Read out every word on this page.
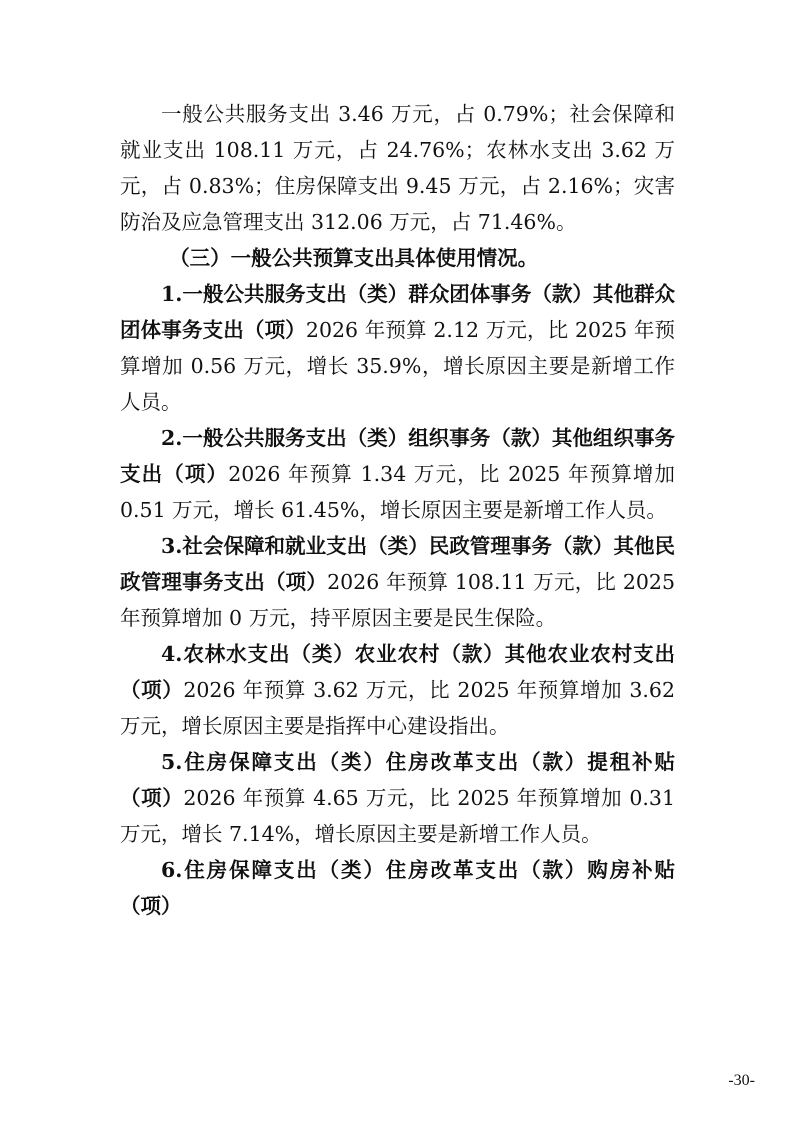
一般公共服务支出 3.46 万元，占 0.79%；社会保障和就业支出 108.11 万元，占 24.76%；农林水支出 3.62 万元，占 0.83%；住房保障支出 9.45 万元，占 2.16%；灾害防治及应急管理支出 312.06 万元，占 71.46%。

（三）一般公共预算支出具体使用情况。

1.一般公共服务支出（类）群众团体事务（款）其他群众团体事务支出（项）2026 年预算 2.12 万元，比 2025 年预算增加 0.56 万元，增长 35.9%，增长原因主要是新增工作人员。

2.一般公共服务支出（类）组织事务（款）其他组织事务支出（项）2026 年预算 1.34 万元，比 2025 年预算增加 0.51 万元，增长 61.45%，增长原因主要是新增工作人员。

3.社会保障和就业支出（类）民政管理事务（款）其他民政管理事务支出（项）2026 年预算 108.11 万元，比 2025 年预算增加 0 万元，持平原因主要是民生保险。

4.农林水支出（类）农业农村（款）其他农业农村支出（项）2026 年预算 3.62 万元，比 2025 年预算增加 3.62 万元，增长原因主要是指挥中心建设指出。

5.住房保障支出（类）住房改革支出（款）提租补贴（项）2026 年预算 4.65 万元，比 2025 年预算增加 0.31 万元，增长 7.14%，增长原因主要是新增工作人员。

6.住房保障支出（类）住房改革支出（款）购房补贴（项）

-30-
